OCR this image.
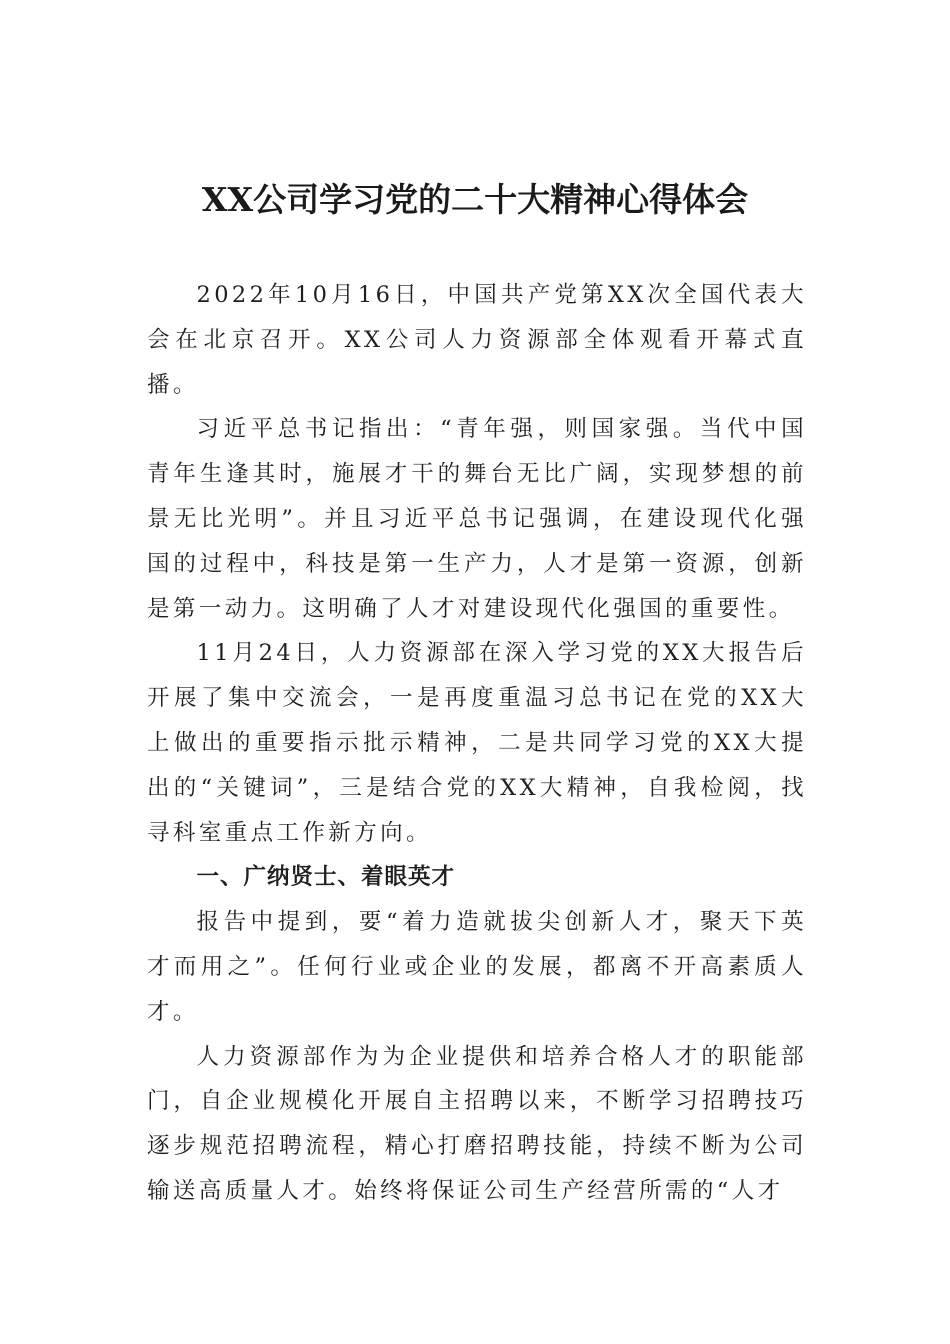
XX公司学习党的二十大精神心得体会

2022年10月16日，中国共产党第XX次全国代表大会在北京召开。XX公司人力资源部全体观看开幕式直播。

习近平总书记指出：“青年强，则国家强。当代中国青年生逢其时，施展才干的舞台无比广阔，实现梦想的前景无比光明”。并且习近平总书记强调，在建设现代化强国的过程中，科技是第一生产力，人才是第一资源，创新是第一动力。这明确了人才对建设现代化强国的重要性。

11月24日，人力资源部在深入学习党的XX大报告后开展了集中交流会，一是再度重温习总书记在党的XX大上做出的重要指示批示精神，二是共同学习党的XX大提出的“关键词”，三是结合党的XX大精神，自我检阅，找寻科室重点工作新方向。

一、广纳贤士、着眼英才

报告中提到，要“着力造就拔尖创新人才，聚天下英才而用之”。任何行业或企业的发展，都离不开高素质人才。

人力资源部作为为企业提供和培养合格人才的职能部门，自企业规模化开展自主招聘以来，不断学习招聘技巧逐步规范招聘流程，精心打磨招聘技能，持续不断为公司输送高质量人才。始终将保证公司生产经营所需的“人才
